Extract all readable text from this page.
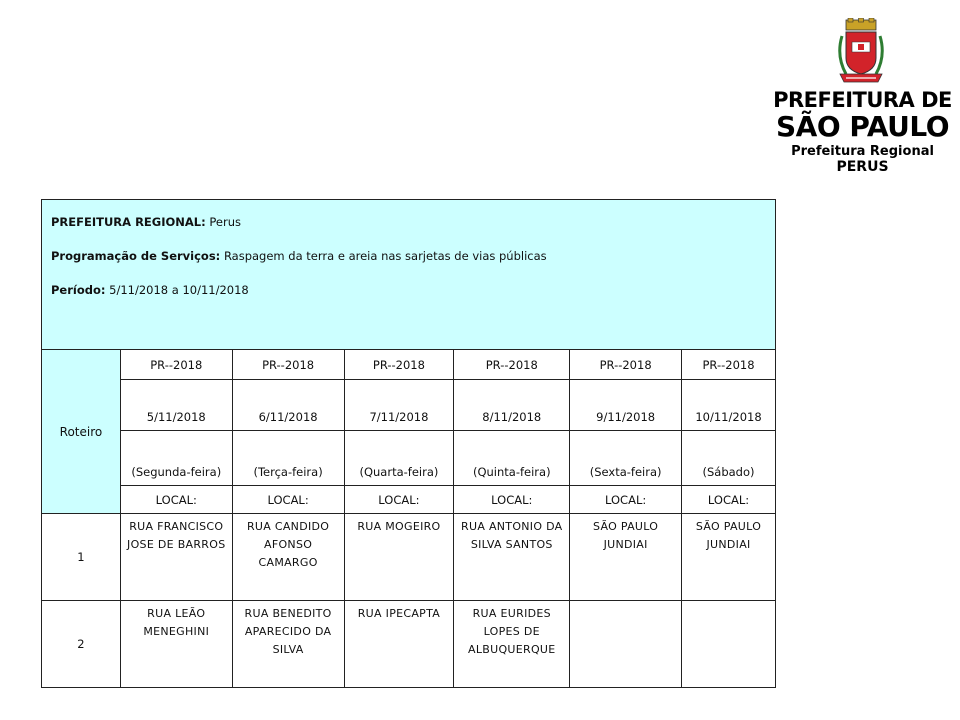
PREFEITURA DE
SÃO PAULO
Prefeitura Regional
PERUS

PREFEITURA REGIONAL: Perus

Programação de Serviços: Raspagem da terra e areia nas sarjetas de vias públicas

Período: 5/11/2018 a 10/11/2018						

Roteiro	PR--2018	PR--2018	PR--2018	PR--2018	PR--2018	PR--2018
	5/11/2018	6/11/2018	7/11/2018	8/11/2018	9/11/2018	10/11/2018
	(Segunda-feira)	(Terça-feira)	(Quarta-feira)	(Quinta-feira)	(Sexta-feira)	(Sábado)
	LOCAL:	LOCAL:	LOCAL:	LOCAL:	LOCAL:	LOCAL:
1	RUA FRANCISCO JOSE DE BARROS	RUA CANDIDO AFONSO CAMARGO	RUA MOGEIRO	RUA ANTONIO DA SILVA SANTOS	SÃO PAULO JUNDIAI	SÃO PAULO JUNDIAI
2	RUA LEÃO MENEGHINI	RUA BENEDITO APARECIDO DA SILVA	RUA IPECAPTA	RUA EURIDES LOPES DE ALBUQUERQUE		
